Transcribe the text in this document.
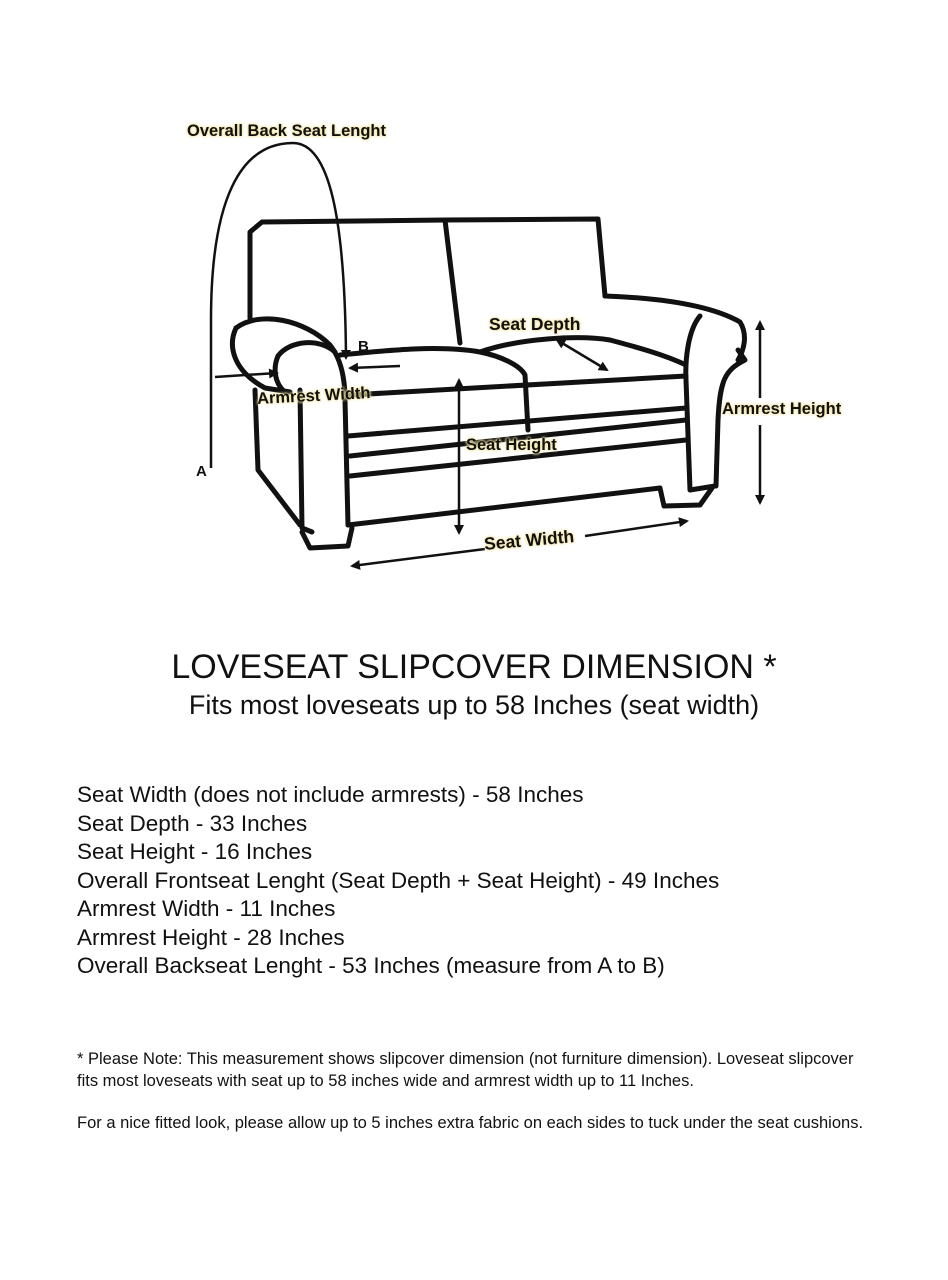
Overall Back Seat Lenght
Seat Depth
Armrest Width
Armrest Height
Seat Height
Seat Width
A
B
LOVESEAT SLIPCOVER DIMENSION *
Fits most loveseats up to 58 Inches (seat width)
Seat Width (does not include armrests) - 58 Inches
Seat Depth - 33 Inches
Seat Height - 16 Inches
Overall Frontseat Lenght (Seat Depth + Seat Height) - 49 Inches
Armrest Width - 11 Inches
Armrest Height - 28 Inches
Overall Backseat Lenght - 53 Inches (measure from A to B)
* Please Note: This measurement shows slipcover dimension (not furniture dimension). Loveseat slipcover fits most loveseats with seat up to 58 inches wide and armrest width up to 11 Inches.
For a nice fitted look, please allow up to 5 inches extra fabric on each sides to tuck under the seat cushions.
